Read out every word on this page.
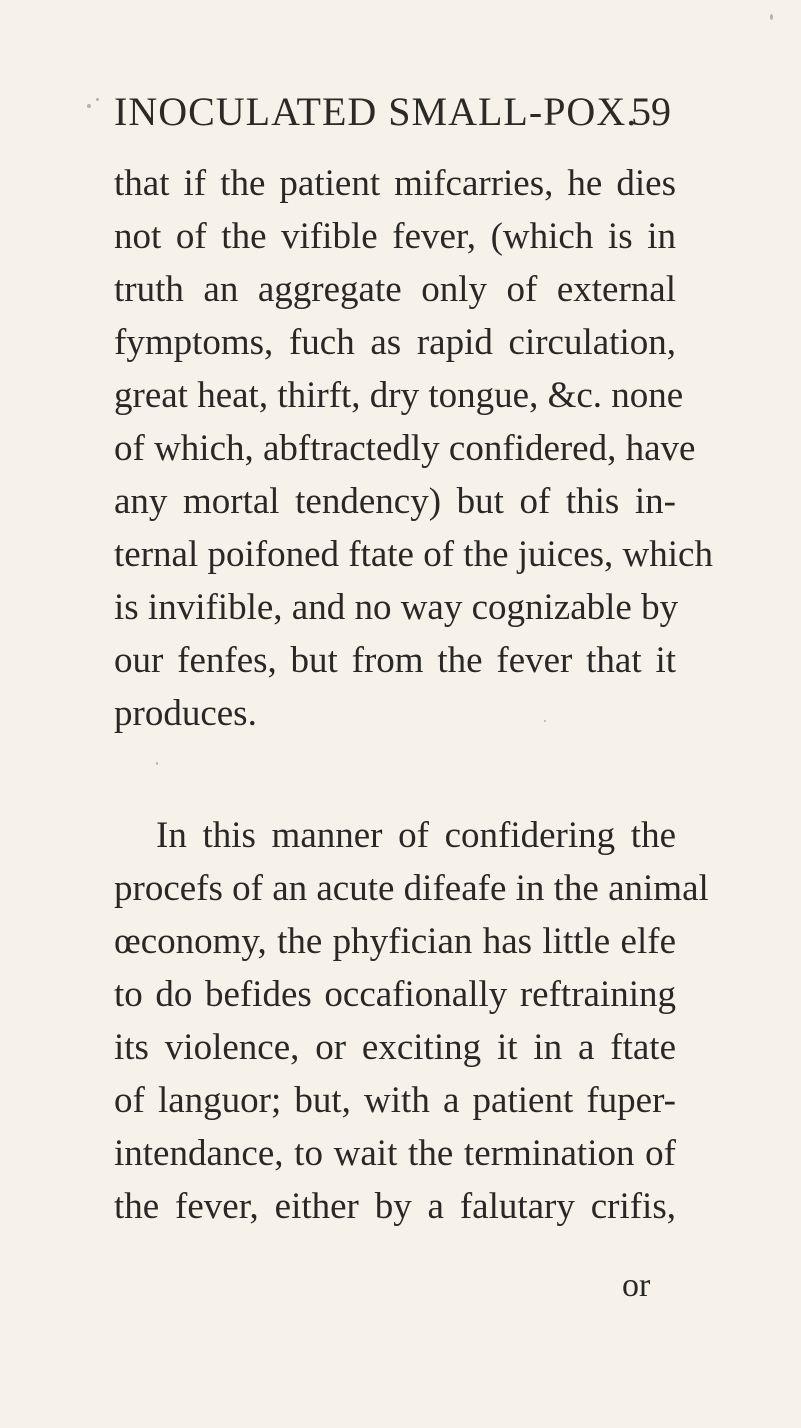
INOCULATED SMALL-POX.
59
that if the patient mifcarries, he dies
not of the vifible fever, (which is in
truth an aggregate only of external
fymptoms, fuch as rapid circulation,
great heat, thirft, dry tongue, &c. none
of which, abftractedly confidered, have
any mortal tendency) but of this in-
ternal poifoned ftate of the juices, which
is invifible, and no way cognizable by
our fenfes, but from the fever that it
produces.
In this manner of confidering the
procefs of an acute difeafe in the animal
œconomy, the phyfician has little elfe
to do befides occafionally reftraining
its violence, or exciting it in a ftate
of languor; but, with a patient fuper-
intendance, to wait the termination of
the fever, either by a falutary crifis,
or
